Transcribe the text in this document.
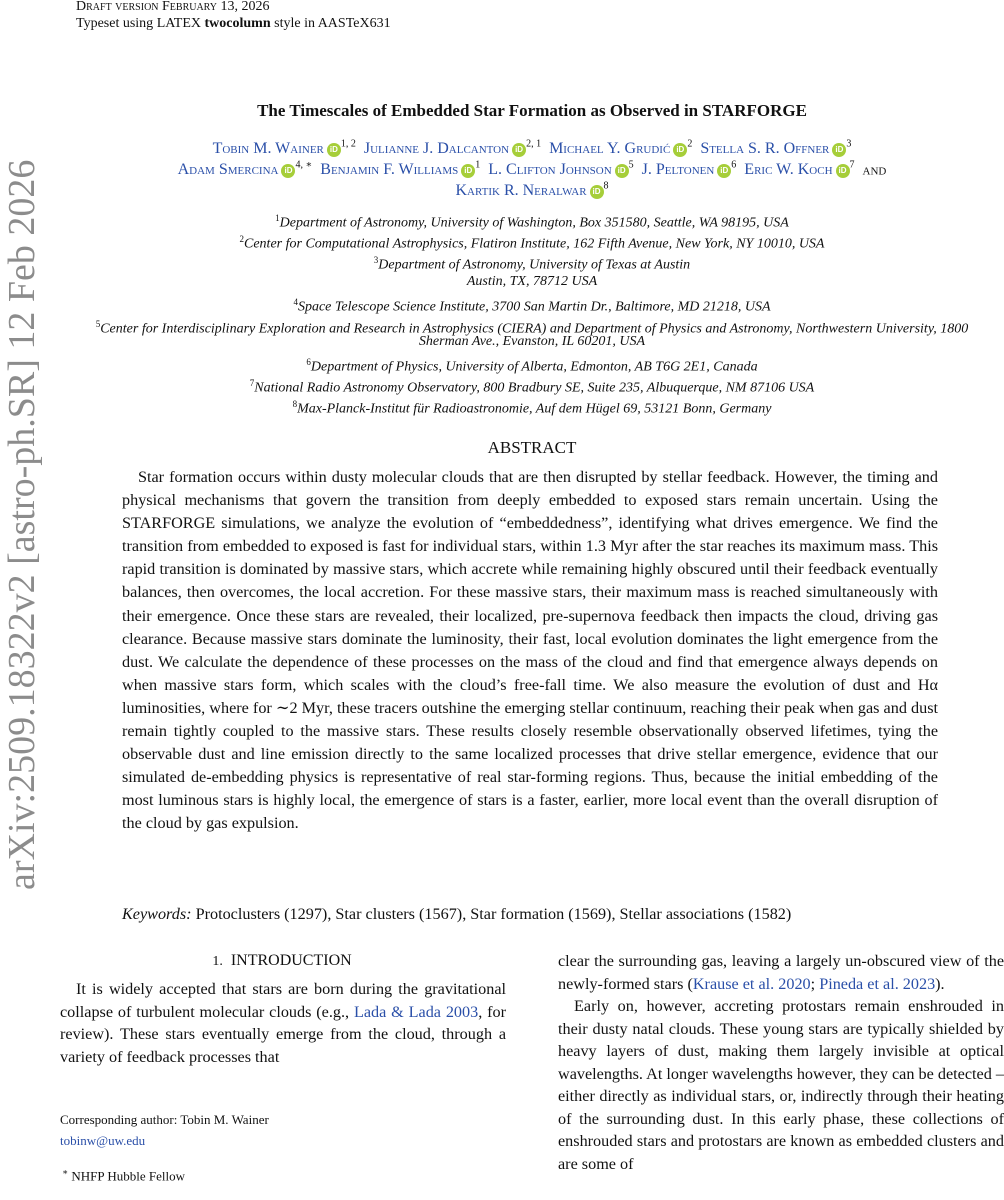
Draft version February 13, 2026
Typeset using LATEX twocolumn style in AASTeX631
arXiv:2509.18322v2 [astro-ph.SR] 12 Feb 2026
The Timescales of Embedded Star Formation as Observed in STARFORGE
Tobin M. Wainer iD $^{1, 2}$ Julianne J. Dalcanton iD $^{2, 1}$ Michael Y. Grudić iD $^2$ Stella S. R. Offner iD $^3$
Adam Smercina iD $^{4, ∗}$ Benjamin F. Williams iD $^1$ L. Clifton Johnson iD $^5$ J. Peltonen iD $^6$ Eric W. Koch iD $^7$ and
Kartik R. Neralwar iD $^8$
$^1$Department of Astronomy, University of Washington, Box 351580, Seattle, WA 98195, USA
$^2$Center for Computational Astrophysics, Flatiron Institute, 162 Fifth Avenue, New York, NY 10010, USA
$^3$Department of Astronomy, University of Texas at Austin
Austin, TX, 78712 USA
$^4$Space Telescope Science Institute, 3700 San Martin Dr., Baltimore, MD 21218, USA
$^5$Center for Interdisciplinary Exploration and Research in Astrophysics (CIERA) and Department of Physics and Astronomy, Northwestern University, 1800
Sherman Ave., Evanston, IL 60201, USA
$^6$Department of Physics, University of Alberta, Edmonton, AB T6G 2E1, Canada
$^7$National Radio Astronomy Observatory, 800 Bradbury SE, Suite 235, Albuquerque, NM 87106 USA
$^8$Max-Planck-Institut für Radioastronomie, Auf dem Hügel 69, 53121 Bonn, Germany
ABSTRACT
Star formation occurs within dusty molecular clouds that are then disrupted by stellar feedback. However, the timing and physical mechanisms that govern the transition from deeply embedded to exposed stars remain uncertain. Using the STARFORGE simulations, we analyze the evolution of “embeddedness”, identifying what drives emergence. We find the transition from embedded to exposed is fast for individual stars, within 1.3 Myr after the star reaches its maximum mass. This rapid transition is dominated by massive stars, which accrete while remaining highly obscured until their feedback eventually balances, then overcomes, the local accretion. For these massive stars, their maximum mass is reached simultaneously with their emergence. Once these stars are revealed, their localized, pre-supernova feedback then impacts the cloud, driving gas clearance. Because massive stars dominate the luminosity, their fast, local evolution dominates the light emergence from the dust. We calculate the dependence of these processes on the mass of the cloud and find that emergence always depends on when massive stars form, which scales with the cloud’s free-fall time. We also measure the evolution of dust and Hα luminosities, where for ∼2 Myr, these tracers outshine the emerging stellar continuum, reaching their peak when gas and dust remain tightly coupled to the massive stars. These results closely resemble observationally observed lifetimes, tying the observable dust and line emission directly to the same localized processes that drive stellar emergence, evidence that our simulated de-embedding physics is representative of real star-forming regions. Thus, because the initial embedding of the most luminous stars is highly local, the emergence of stars is a faster, earlier, more local event than the overall disruption of the cloud by gas expulsion.
Keywords: Protoclusters (1297), Star clusters (1567), Star formation (1569), Stellar associations (1582)
1. INTRODUCTION

It is widely accepted that stars are born during the gravitational collapse of turbulent molecular clouds (e.g., Lada & Lada 2003, for review). These stars eventually emerge from the cloud, through a variety of feedback processes that

Corresponding author: Tobin M. Wainer
tobinw@uw.edu
∗ NHFP Hubble Fellow

clear the surrounding gas, leaving a largely un-obscured view of the newly-formed stars (Krause et al. 2020; Pineda et al. 2023).

Early on, however, accreting protostars remain enshrouded in their dusty natal clouds. These young stars are typically shielded by heavy layers of dust, making them largely invisible at optical wavelengths. At longer wavelengths however, they can be detected – either directly as individual stars, or, indirectly through their heating of the surrounding dust. In this early phase, these collections of enshrouded stars and protostars are known as embedded clusters and are some of
